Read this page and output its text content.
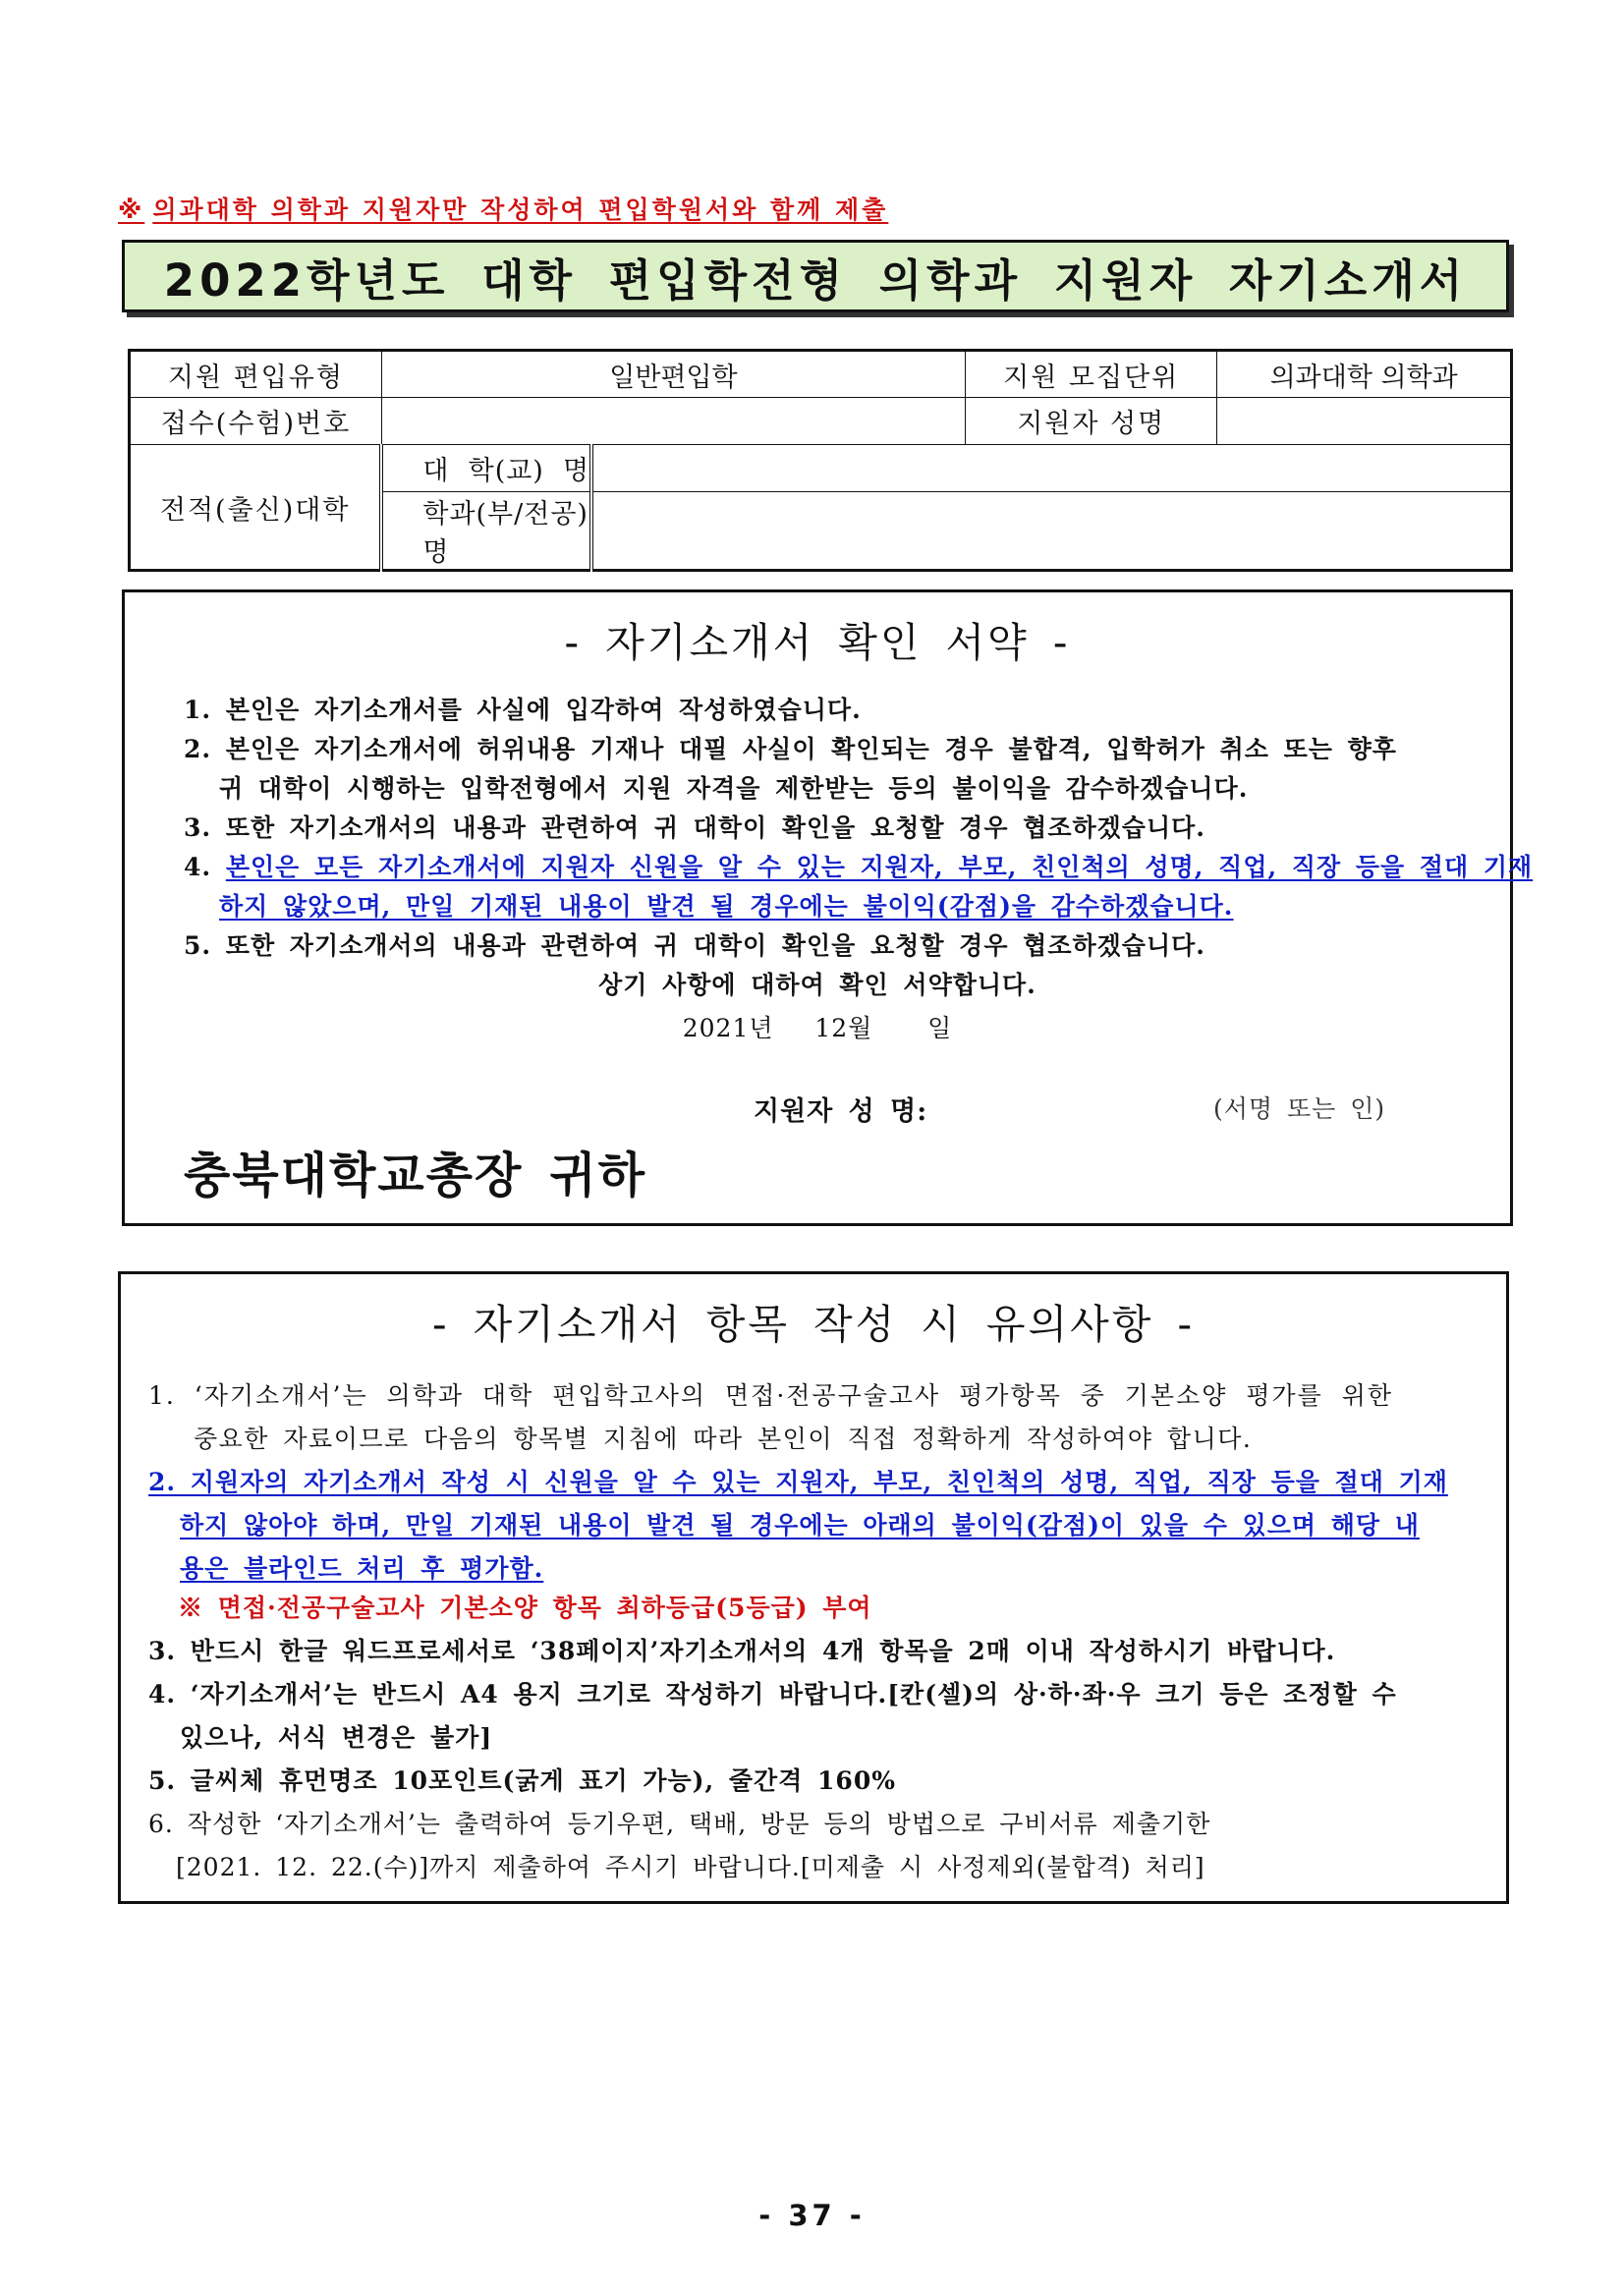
※ 의과대학 의학과 지원자만 작성하여 편입학원서와 함께 제출
2022학년도 대학 편입학전형 의학과 지원자 자기소개서
지원 편입유형	일반편입학		지원 모집단위	의과대학 의학과
접수(수험)번호			지원자 성명	
전적(출신)대학	대  학(교)  명			
	학과(부/전공)명			
- 자기소개서 확인 서약 -
1. 본인은 자기소개서를 사실에 입각하여 작성하였습니다.
2. 본인은 자기소개서에 허위내용 기재나 대필 사실이 확인되는 경우 불합격, 입학허가 취소 또는 향후
귀 대학이 시행하는 입학전형에서 지원 자격을 제한받는 등의 불이익을 감수하겠습니다.
3. 또한 자기소개서의 내용과 관련하여 귀 대학이 확인을 요청할 경우 협조하겠습니다.
4. 본인은 모든 자기소개서에 지원자 신원을 알 수 있는 지원자, 부모, 친인척의 성명, 직업, 직장 등을 절대 기재
하지 않았으며, 만일 기재된 내용이 발견 될 경우에는 불이익(감점)을 감수하겠습니다.
5. 또한 자기소개서의 내용과 관련하여 귀 대학이 확인을 요청할 경우 협조하겠습니다.
상기 사항에 대하여 확인 서약합니다.
2021년   12월    일
지원자 성 명:	(서명 또는 인)
충북대학교총장 귀하
- 자기소개서 항목 작성 시 유의사항 -
1. ‘자기소개서’는 의학과 대학 편입학고사의 면접·전공구술고사 평가항목 중 기본소양 평가를 위한
중요한 자료이므로 다음의 항목별 지침에 따라 본인이 직접 정확하게 작성하여야 합니다.
2. 지원자의 자기소개서 작성 시 신원을 알 수 있는 지원자, 부모, 친인척의 성명, 직업, 직장 등을 절대 기재
하지 않아야 하며, 만일 기재된 내용이 발견 될 경우에는 아래의 불이익(감점)이 있을 수 있으며 해당 내
용은 블라인드 처리 후 평가함.
※ 면접·전공구술고사 기본소양 항목 최하등급(5등급) 부여
3. 반드시 한글 워드프로세서로 ‘38페이지’자기소개서의 4개 항목을 2매 이내 작성하시기 바랍니다.
4. ‘자기소개서’는 반드시 A4 용지 크기로 작성하기 바랍니다.[칸(셀)의 상·하·좌·우 크기 등은 조정할 수
있으나, 서식 변경은 불가]
5. 글씨체 휴먼명조 10포인트(굵게 표기 가능), 줄간격 160%
6. 작성한 ‘자기소개서’는 출력하여 등기우편, 택배, 방문 등의 방법으로 구비서류 제출기한
[2021. 12. 22.(수)]까지 제출하여 주시기 바랍니다.[미제출 시 사정제외(불합격) 처리]
- 37 -
